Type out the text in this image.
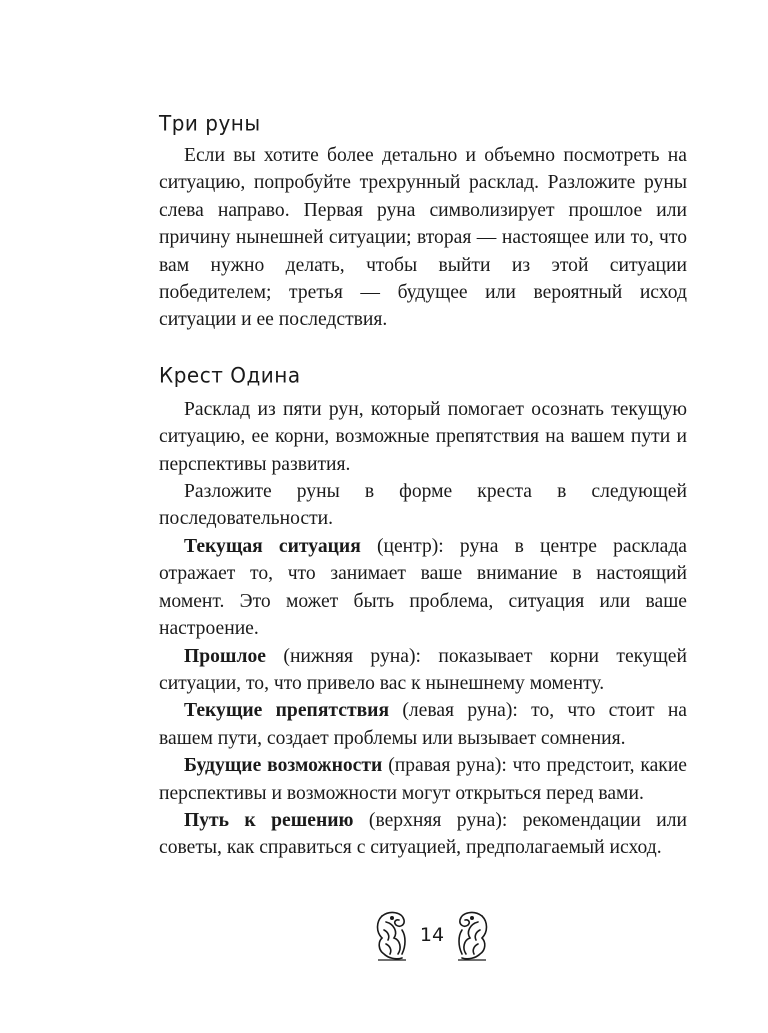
Три руны

Если вы хотите более детально и объемно посмотреть на ситуацию, попробуйте трехрунный расклад. Разложите руны слева направо. Первая руна символизирует прошлое или причину нынешней ситуации; вторая — настоящее или то, что вам нужно делать, чтобы выйти из этой ситуации победителем; третья — будущее или вероятный исход ситуации и ее последствия.

Крест Одина

Расклад из пяти рун, который помогает осознать текущую ситуацию, ее корни, возможные препятствия на вашем пути и перспективы развития.

Разложите руны в форме креста в следующей последовательности.

Текущая ситуация (центр): руна в центре расклада отражает то, что занимает ваше внимание в настоящий момент. Это может быть проблема, ситуация или ваше настроение.

Прошлое (нижняя руна): показывает корни текущей ситуации, то, что привело вас к нынешнему моменту.

Текущие препятствия (левая руна): то, что стоит на вашем пути, создает проблемы или вызывает сомнения.

Будущие возможности (правая руна): что предстоит, какие перспективы и возможности могут открыться перед вами.

Путь к решению (верхняя руна): рекомендации или советы, как справиться с ситуацией, предполагаемый исход.

14
